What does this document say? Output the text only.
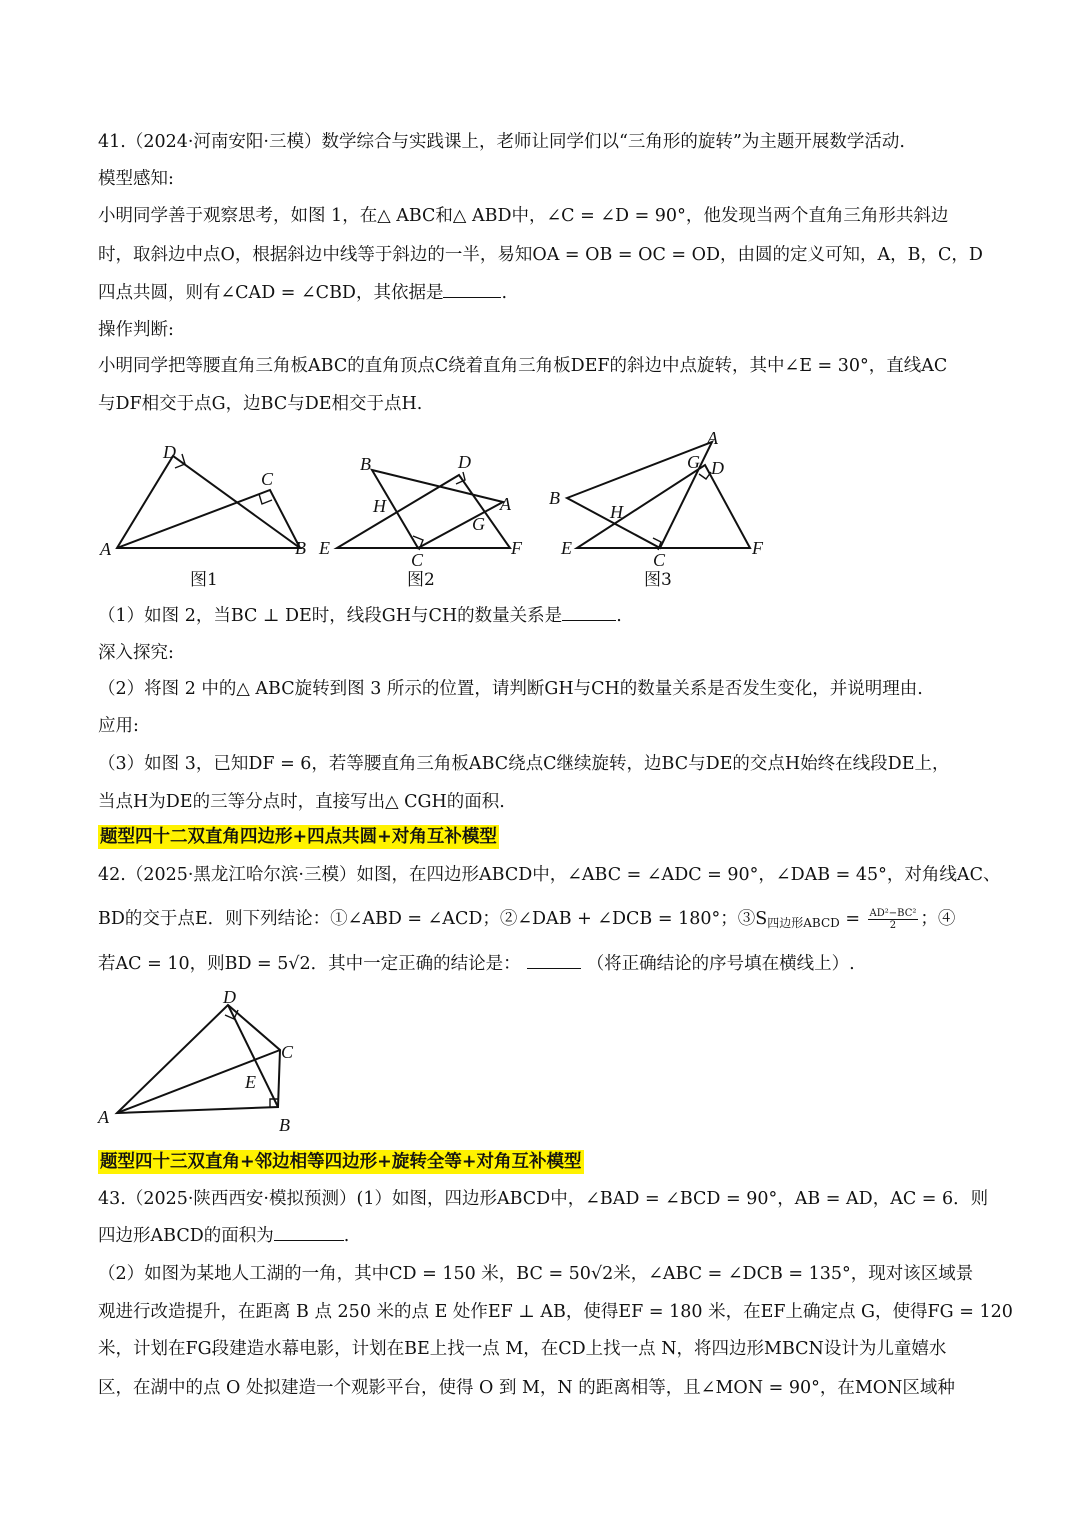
41.（2024·河南安阳·三模）数学综合与实践课上，老师让同学们以“三角形的旋转”为主题开展数学活动.
模型感知:
小明同学善于观察思考，如图 1，在△ ABC和△ ABD中，∠C = ∠D = 90°，他发现当两个直角三角形共斜边
时，取斜边中点O，根据斜边中线等于斜边的一半，易知OA = OB = OC = OD，由圆的定义可知，A，B，C，D
四点共圆，则有∠CAD = ∠CBD，其依据是	.
操作判断:
小明同学把等腰直角三角板ABC的直角顶点C绕着直角三角板DEF的斜边中点旋转，其中∠E = 30°，直线AC
与DF相交于点G，边BC与DE相交于点H.
D
C
A	B
图1
B	D
H	A
G
E
C
F
图2
A
G D
B
H
E
C
F
图3
（1）如图 2，当BC ⊥ DE时，线段GH与CH的数量关系是	.
深入探究:
（2）将图 2 中的△ ABC旋转到图 3 所示的位置，请判断GH与CH的数量关系是否发生变化，并说明理由.
应用:
（3）如图 3，已知DF = 6，若等腰直角三角板ABC绕点C继续旋转，边BC与DE的交点H始终在线段DE上，
当点H为DE的三等分点时，直接写出△ CGH的面积.
题型四十二双直角四边形+四点共圆+对角互补模型
42.（2025·黑龙江哈尔滨·三模）如图，在四边形ABCD中，∠ABC = ∠ADC = 90°，∠DAB = 45°，对角线AC、
BD的交于点E．则下列结论：①∠ABD = ∠ACD；②∠DAB + ∠DCB = 180°；$③S_{四边形ABCD} = \frac{\text{AD²−BC²}}{2}$ ；④
若AC = 10，则BD = 5√2．其中一定正确的结论是：	（将正确结论的序号填在横线上）.
D
C
E
A	B
题型四十三双直角+邻边相等四边形+旋转全等+对角互补模型
43.（2025·陕西西安·模拟预测）(1）如图，四边形ABCD中，∠BAD = ∠BCD = 90°，AB = AD，AC = 6．则
四边形ABCD的面积为	.
（2）如图为某地人工湖的一角，其中CD = 150 米，BC = 50√2米，∠ABC = ∠DCB = 135°，现对该区域景
观进行改造提升，在距离 B 点 250 米的点 E 处作EF ⊥ AB，使得EF = 180 米，在EF上确定点 G，使得FG = 120
米，计划在FG段建造水幕电影，计划在BE上找一点 M，在CD上找一点 N，将四边形MBCN设计为儿童嬉水
区，在湖中的点 O 处拟建造一个观影平台，使得 O 到 M，N 的距离相等，且∠MON = 90°，在MON区域种
